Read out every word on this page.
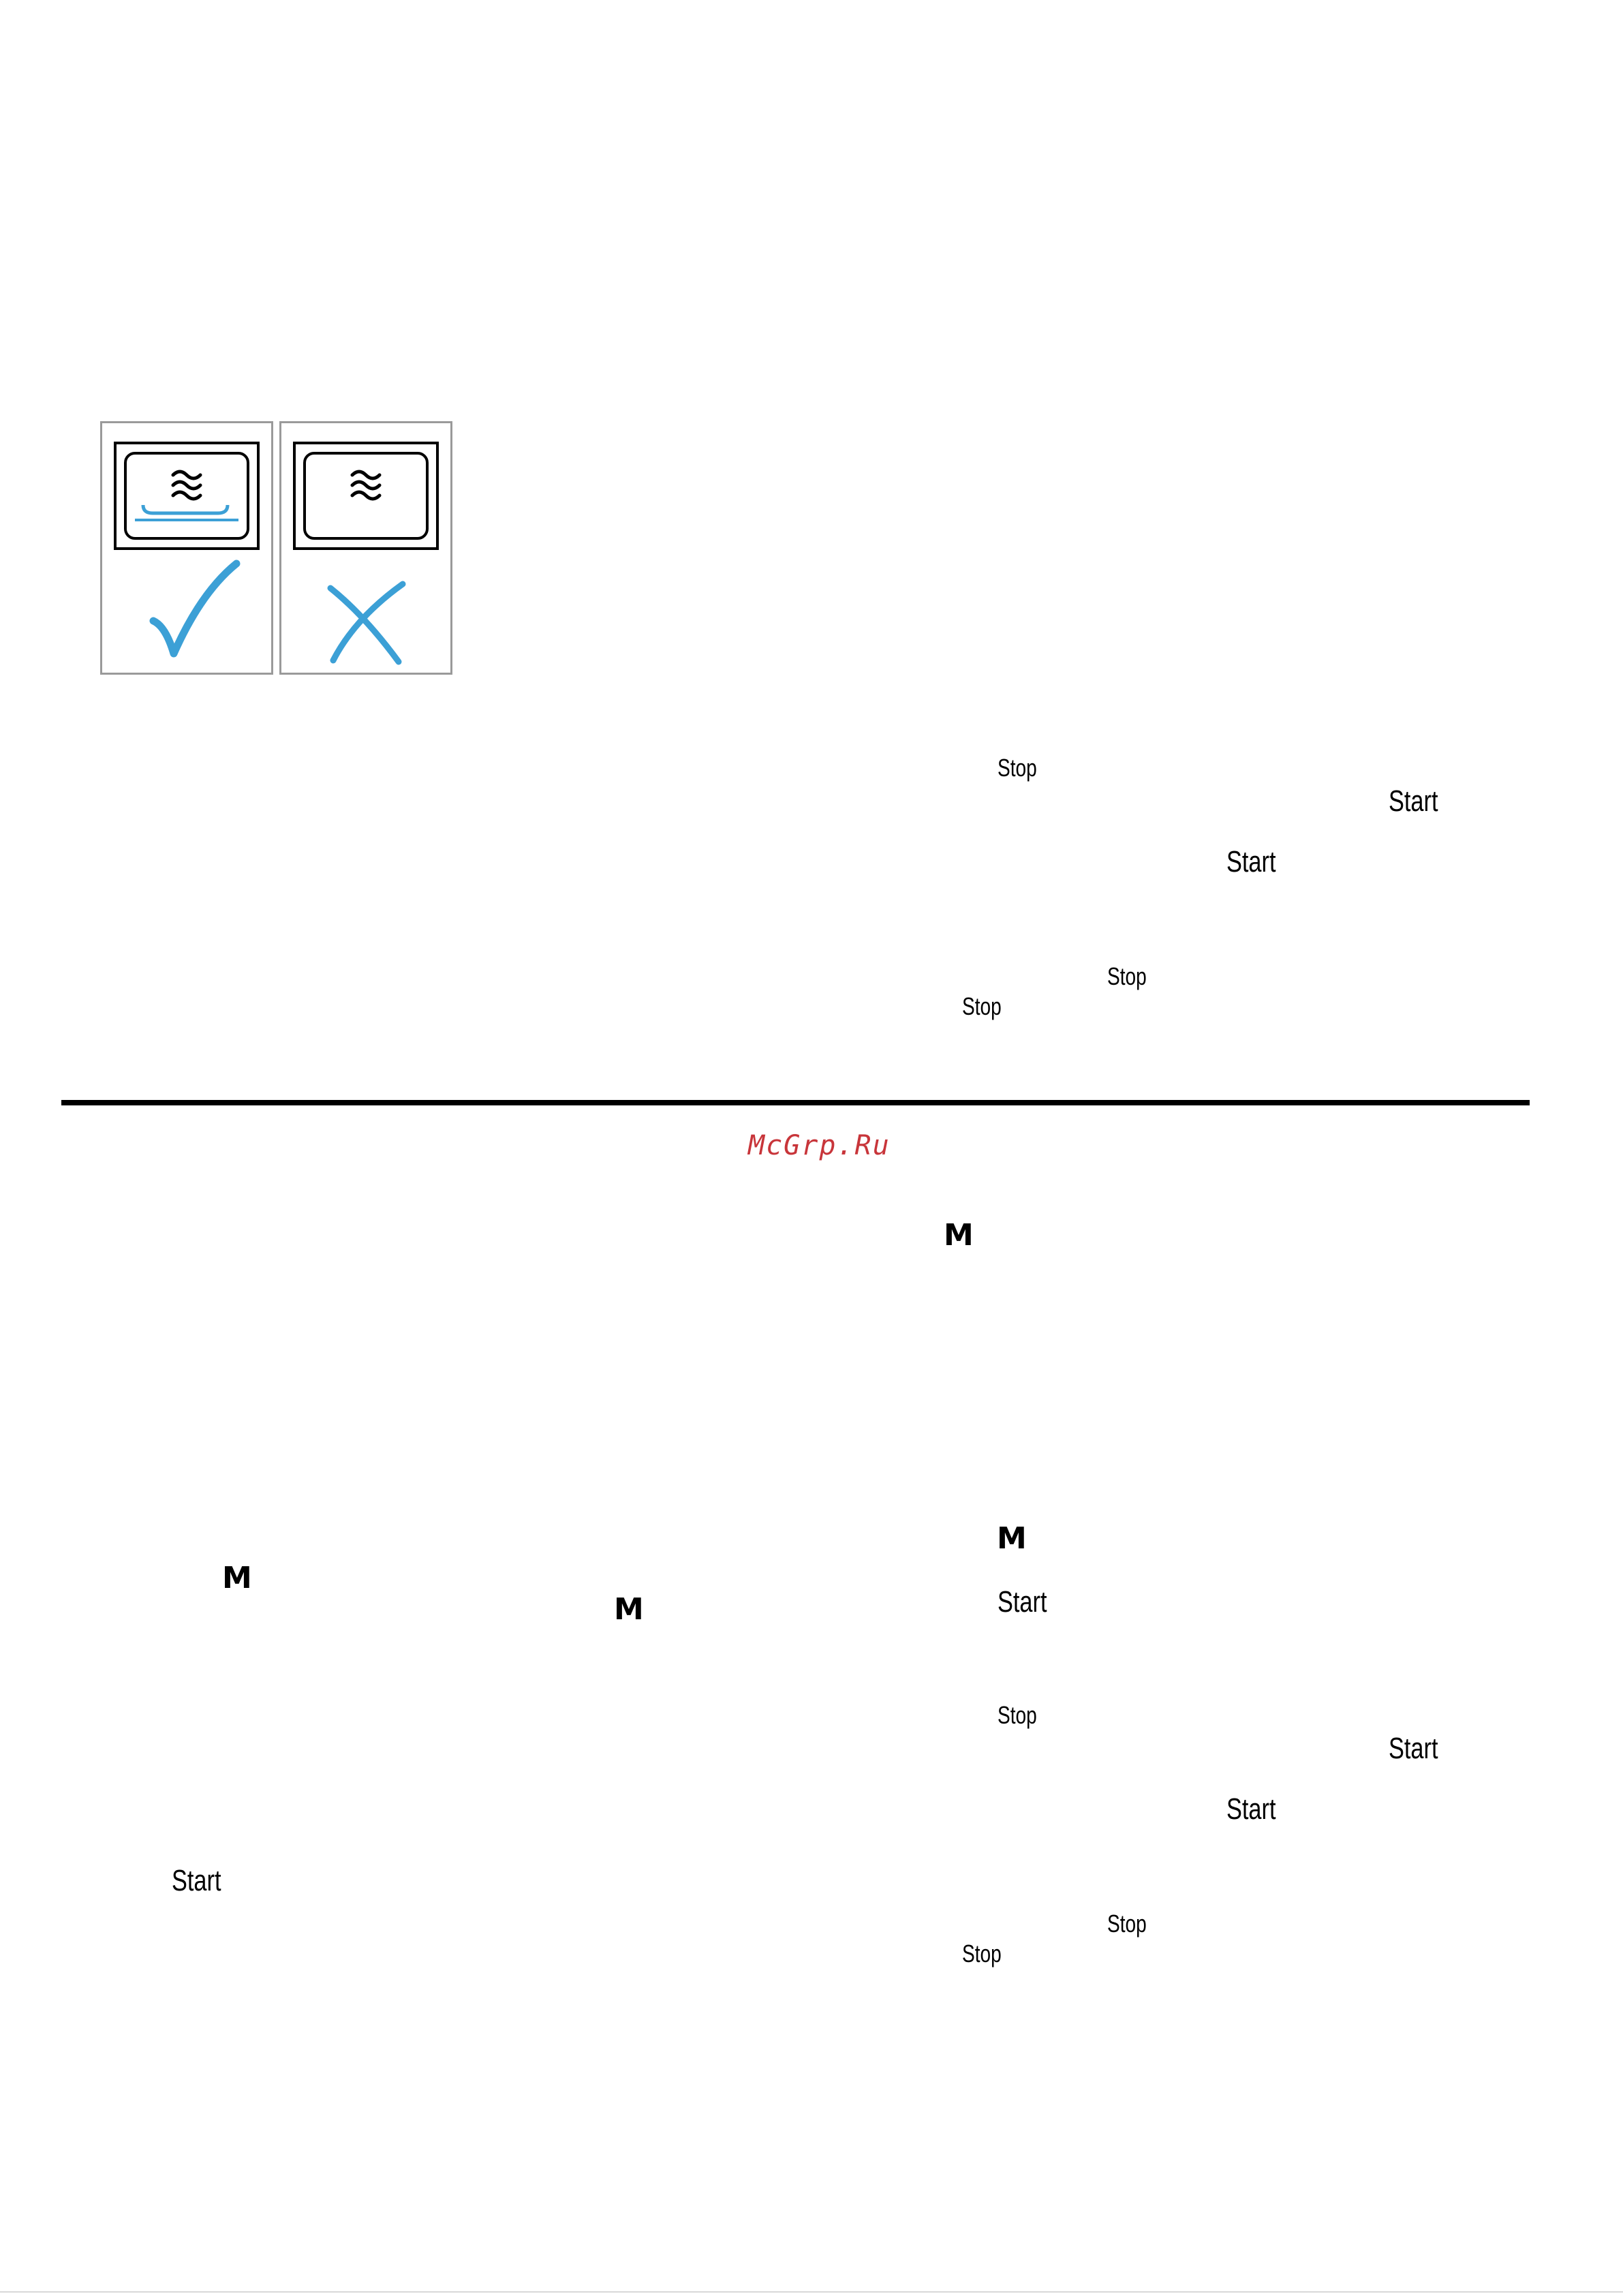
Stop
Start
Start
Stop
Stop
McGrp.Ru
M
M
M
Start
M
Start
Stop
Start
Start
Stop
Stop
